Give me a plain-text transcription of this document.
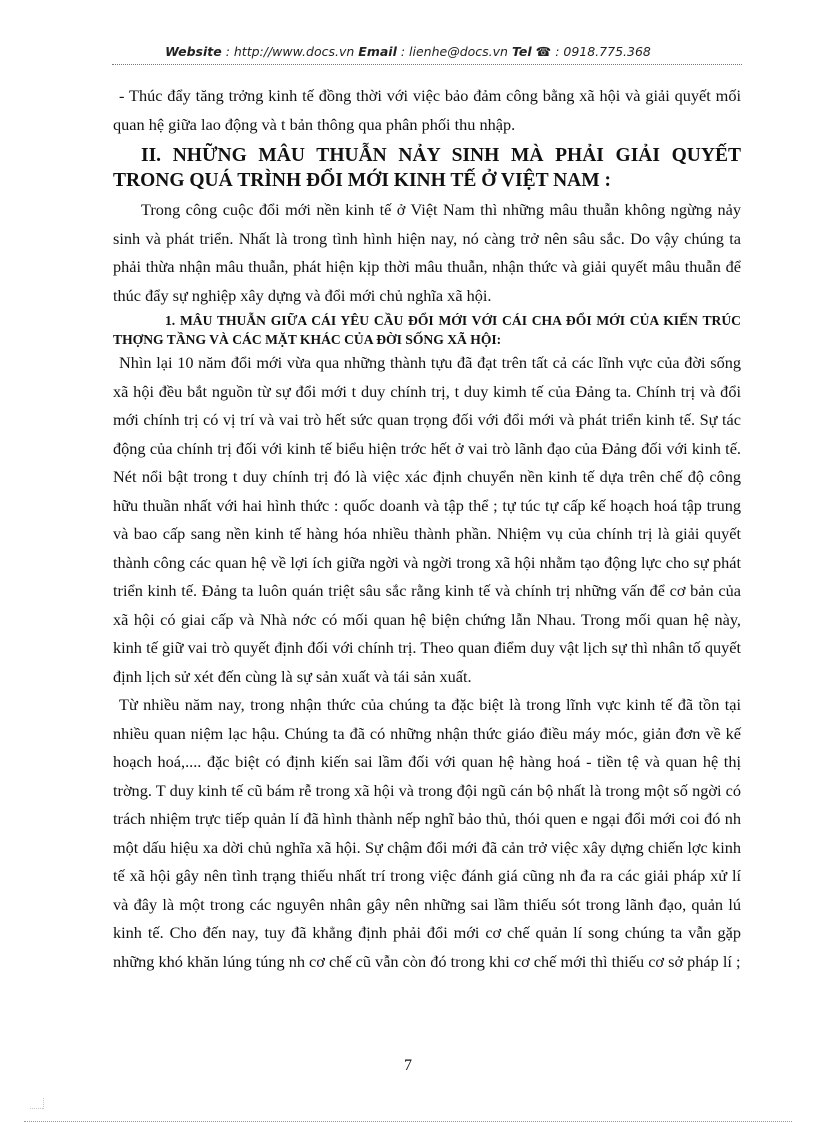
Website : http://www.docs.vn Email : lienhe@docs.vn Tel ☎ : 0918.775.368

- Thúc đẩy tăng trởng kinh tế đồng thời với việc bảo đảm công bằng xã hội và giải quyết mối quan hệ giữa lao động và t bản thông qua phân phối thu nhập.

II. NHỮNG MÂU THUẪN NẢY SINH MÀ PHẢI GIẢI QUYẾT TRONG QUÁ TRÌNH ĐỔI MỚI KINH TẾ Ở VIỆT NAM :

Trong công cuộc đổi mới nền kinh tế ở Việt Nam thì những mâu thuẫn không ngừng nảy sinh và phát triển. Nhất là trong tình hình hiện nay, nó càng trở nên sâu sắc. Do vậy chúng ta phải thừa nhận mâu thuẫn, phát hiện kịp thời mâu thuẫn, nhận thức và giải quyết mâu thuẫn để thúc đẩy sự nghiệp xây dựng và đổi mới chủ nghĩa xã hội.

1. MÂU THUẪN GIỮA CÁI YÊU CẦU ĐỔI MỚI VỚI CÁI CHA ĐỔI MỚI CỦA KIẾN TRÚC THỢNG TẦNG VÀ CÁC MẶT KHÁC CỦA ĐỜI SỐNG XÃ HỘI:

Nhìn lại 10 năm đổi mới vừa qua những thành tựu đã đạt trên tất cả các lĩnh vực của đời sống xã hội đều bắt nguồn từ sự đổi mới t duy chính trị, t duy kimh tế của Đảng ta. Chính trị và đổi mới chính trị có vị trí và vai trò hết sức quan trọng đối với đổi mới và phát triển kinh tế. Sự tác động của chính trị đối với kinh tế biểu hiện trớc hết ở vai trò lãnh đạo của Đảng đối với kinh tế. Nét nổi bật trong t duy chính trị đó là việc xác định chuyển nền kinh tế dựa trên chế độ công hữu thuần nhất với hai hình thức : quốc doanh và tập thể ; tự túc tự cấp kế hoạch hoá tập trung và bao cấp sang nền kinh tế hàng hóa nhiều thành phần. Nhiệm vụ của chính trị là giải quyết thành công các quan hệ về lợi ích giữa ngời và ngời trong xã hội nhằm tạo động lực cho sự phát triển kinh tế. Đảng ta luôn quán triệt sâu sắc rằng kinh tế và chính trị những vấn để cơ bản của xã hội có giai cấp và Nhà nớc có mối quan hệ biện chứng lẫn Nhau. Trong mối quan hệ này, kinh tế giữ vai trò quyết định đối với chính trị. Theo quan điểm duy vật lịch sự thì nhân tố quyết định lịch sử xét đến cùng là sự sản xuất và tái sản xuất.

Từ nhiều năm nay, trong nhận thức của chúng ta đặc biệt là trong lĩnh vực kinh tế đã tồn tại nhiều quan niệm lạc hậu. Chúng ta đã có những nhận thức giáo điều máy móc, giản đơn về kế hoạch hoá,.... đặc biệt có định kiến sai lầm đối với quan hệ hàng hoá - tiền tệ và quan hệ thị trờng. T duy kinh tế cũ bám rễ trong xã hội và trong đội ngũ cán bộ nhất là trong một số ngời có trách nhiệm trực tiếp quản lí đã hình thành nếp nghĩ bảo thủ, thói quen e ngại đổi mới coi đó nh một dấu hiệu xa dời chủ nghĩa xã hội. Sự chậm đổi mới đã cản trở việc xây dựng chiến lợc kinh tế xã hội gây nên tình trạng thiếu nhất trí trong việc đánh giá cũng nh đa ra các giải pháp xử lí và đây là một trong các nguyên nhân gây nên những sai lầm thiếu sót trong lãnh đạo, quản lú kinh tế. Cho đến nay, tuy đã khẳng định phải đổi mới cơ chế quản lí song chúng ta vẫn gặp những khó khăn lúng túng nh cơ chế cũ vẫn còn đó trong khi cơ chế mới thì thiếu cơ sở pháp lí ;

7
